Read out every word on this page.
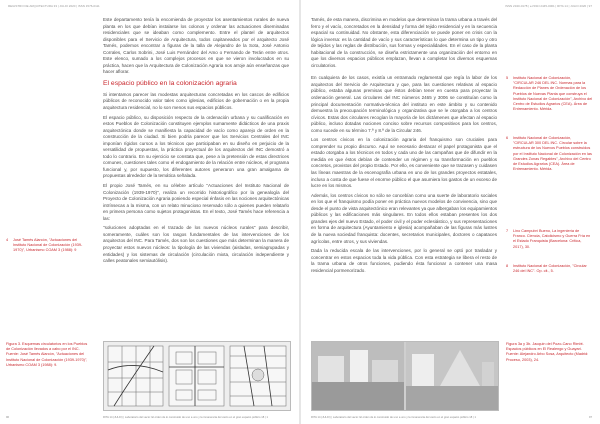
REGISTRO DE ARQUITECTURA 33 | JULIO 2020 | ISSN 1576-0111

Este departamento tenía la encomienda de proyectar los asentamientos rurales de nueva planta en los que debían instalarse los colonos y ordenar las actuaciones diseminadas residenciales que se ideaban como complemento. Entre el plantel de arquitectos disponibles para el Servicio de Arquitectura, todos capitaneados por el arquitecto José Tamés, podemos encontrar a figuras de la talla de Alejandro de la Sota, José Antonio Corrales, Carlos Sobrini, José Luis Fernández del Amo o Fernando de Terán entre otros. Este elenco, sumado a los complejos procesos en que se vieron involucrados en su práctica, hacen que la Arquitectura de Colonización Agraria nos arroje aún enseñanzas que hacer aflorar.

El espacio público en la colonización agraria

Si intentamos parecer las modestas arquitecturas concretadas en los cascos de edificios públicos de reconocido valor tales como iglesias, edificios de gobernación o en la propia arquitectura residencial, no lo son menos sus espacios públicos.

El espacio público, su disposición respecto de la ordenación urbana y su cualificación en estos Pueblos de Colonización constituyen ejemplos sumamente didácticos de una praxis arquitectónica donde se manifiesta la capacidad de vacío como aparejo de orden en la construcción de la ciudad. Si bien podría parecer que los Servicios Centrales del INC imponían rígidos cursos a los técnicos que participaban en su diseño en perjuicio de la versatilidad de propuestas, la práctica proyectual de los arquitectos del INC demostró a todo lo contrario. En su ejercicio se constata que, pese a la pretensión de estas directrices comunes, cuestiones tales como el endogamiento de la relación entre núcleos, el programa funcional y, por supuesto, los diferentes autores generaron una gran amalgama de propuestas alrededor de la temática señalada.

El propio José Tamés, en su célebre artículo "Actuaciones del Instituto Nacional de Colonización (1939-1970)", realiza un recorrido historiográfico por la genealogía del Proyecto de Colonización Agraria poniendo especial énfasis en las nociones arquitectónicas intrínsecas a la misma, con un relato minucioso reservado sólo a quienes pueden relatarlo en primera persona como sujetos protagonistas. En el texto, José Tamés hace referencia a las:

"soluciones adoptadas en el trazado de los nuevos núcleos rurales" para describir, someramente, cuáles son los rasgos fundamentales de las intervenciones de los arquitectos del INC. Para Tamés, dos son los cuestiones que más determinan la manera de proyectar estos nuevos núcleos: la tipología de las viviendas (aisladas, semiagrupadas y entidades) y los sistemas de circulación (circulación mixta, circulación independiente y calles peatonales semiautólisis).

4 José Tamés Alarcón, "Actuaciones del Instituto Nacional de Colonización (1939-1970)", Urbanismo COAM 3 (1988): 9
Figura 3. Esquemas circulatorios en los Pueblos de Colonización llevados a cabo por el INC. Fuente: José Tamés Alarcón, "Actuaciones del Instituto Nacional de Colonización (1939-1970)", Urbanismo COAM 3 (1988): 9.
RITA 14 (JULIO) | Laboratorio del vacío: El orden de lo construido de uno a uno y la inmanencia del vacío en el gran espacio público 18 | 1
96
ISSN 2340-0178 | e-ISSN 2445-0001 | RITA 14 | JULIO 2020 | 97

Tamés, de esta manera, discrimina en modelos que determinan la trama urbana a través del ferro y el vacío, concretados en la densidad y forma del tejido residencial y en la secuencia espacial su continuidad. No obstante, esta diferenciación se puede poner en crisis con la lógica inversa: es la cantidad de vacío y sus características lo que determina un tipo y otro de tejidos y las reglas de distribución, sus formas y especialidades. En el caso de la planta habitacional de la construcción, se diseña estrictamente una organización del entorno en que los diversos espacios públicos emplazan, llevan a completar los diversos esquemas circulatorios.

En cualquiera de los casos, existía un entramado reglamental que regía la labor de los arquitectos del Servicio de Arquitectura y que, para las cuestiones relativas al espacio público, estaba algunas premisas que éstos debían tener en cuenta para proyectar la ordenación general. Las circulares del INC números 2465 y 3006 se constituían como la principal documentación normativa-técnica del instituto en este ámbito y su contenido demuestra la preocupación terminológica y organizativa que se le otorgaba a los centros cívicos. Estas dos circulares recogían la mayoría de los dictámenes que afectan al espacio público, incluso dotadas nociones conciso sobre recursos compositivos para los centros, como sucede en su término 7.ª y 8.ª de la Circular 246.

Los centros cívicos en la colonización agraria del franquismo son cruciales para comprender su propio discurso. Aquí se necesario destacar el papel protagonista que el estado otorgaba a los técnicos en todos y cada uno de las campañas que de difundir en la medida en que éstos debían de contender un régimen y su transformación en pueblos concretos, provistos del propio Estado. Por ello, es conveniente que se trazasen y cuidasen las líneas maestras de la escenografía urbana en uno de los grandes proyectos estatales, incluso a costa de que fuese el enorme público el que asumiera los gastos de un exceso de lucre en los mismos.

Además, los centros cívicos no sólo se concebían como una suerte de laboratorio sociales en los que el franquismo podía poner en práctica nuevos modelos de convivencia, sino que desde el punto de vista arquitectónico eran relevantes ya que albergaban los equipamientos públicos y las edificaciones más singulares. En todos ellos estaban presentes los dos grandes ejes del nuevo Estado, el poder civil y el poder eclesiástico, y sus representaciones en forma de arquitectura (Ayuntamiento e iglesia) acompañaban de las figuras más lustres de la nueva sociedad franquista: docentes, secretarios municipales, doctores o capataces agrícolas, entre otros, y sus viviendas.

Dada la reducida escala de las intervenciones, por lo general se optó por trasladar y concentrar en estos espacios toda la vida pública. Con esta estrategia se libera el resto de la trama urbana de otros funciones, pudiendo ésta funcionar a contener una masa residencial pormenorizado.

5 Instituto Nacional de Colonización, "CIRCULAR 246 DEL INC. Normas para la Redacción de Planes de Ordenación de los Pueblos de Nuevas Planta que construya el Instituto Nacional de Colonización", Archivo del Centro de Estudios Agrarios (CEA). Área de Entrenamiento. Mérida.
6 Instituto Nacional de Colonización, "CIRCULAR 300 DEL INC. Circular sobre la estructura de los Nuevos Pueblos construidos por el Instituto Nacional de Colonización en las Grandes Zonas Regables", Archivo del Centro de Estudios Agrarios (CEA). Área de Entrenamiento. Mérida.
7 Lino Campubrí Bueno, La ingeniería de Franco. Ciencia, Catolicismo y Guerra Fría en el Estado Franquista (Barcelona: Crítica, 2017), 30.
8 Instituto Nacional de Colonización, "Circular 246 del INC". Op. cit., 5.
Figura 3a y 3b. Jacquin del Pozo-Cano Rimbt. Espacios públicos en El Realengo y Guayari. Fuente: Alejandro Arbo Sosa, Arquitecto (Madrid: Proceso, 2003), 24.
RITA 14 (JULIO) | Laboratorio del vacío: El orden de lo construido de uno a uno y la inmanencia del vacío en el gran espacio público 18 | 1	97
